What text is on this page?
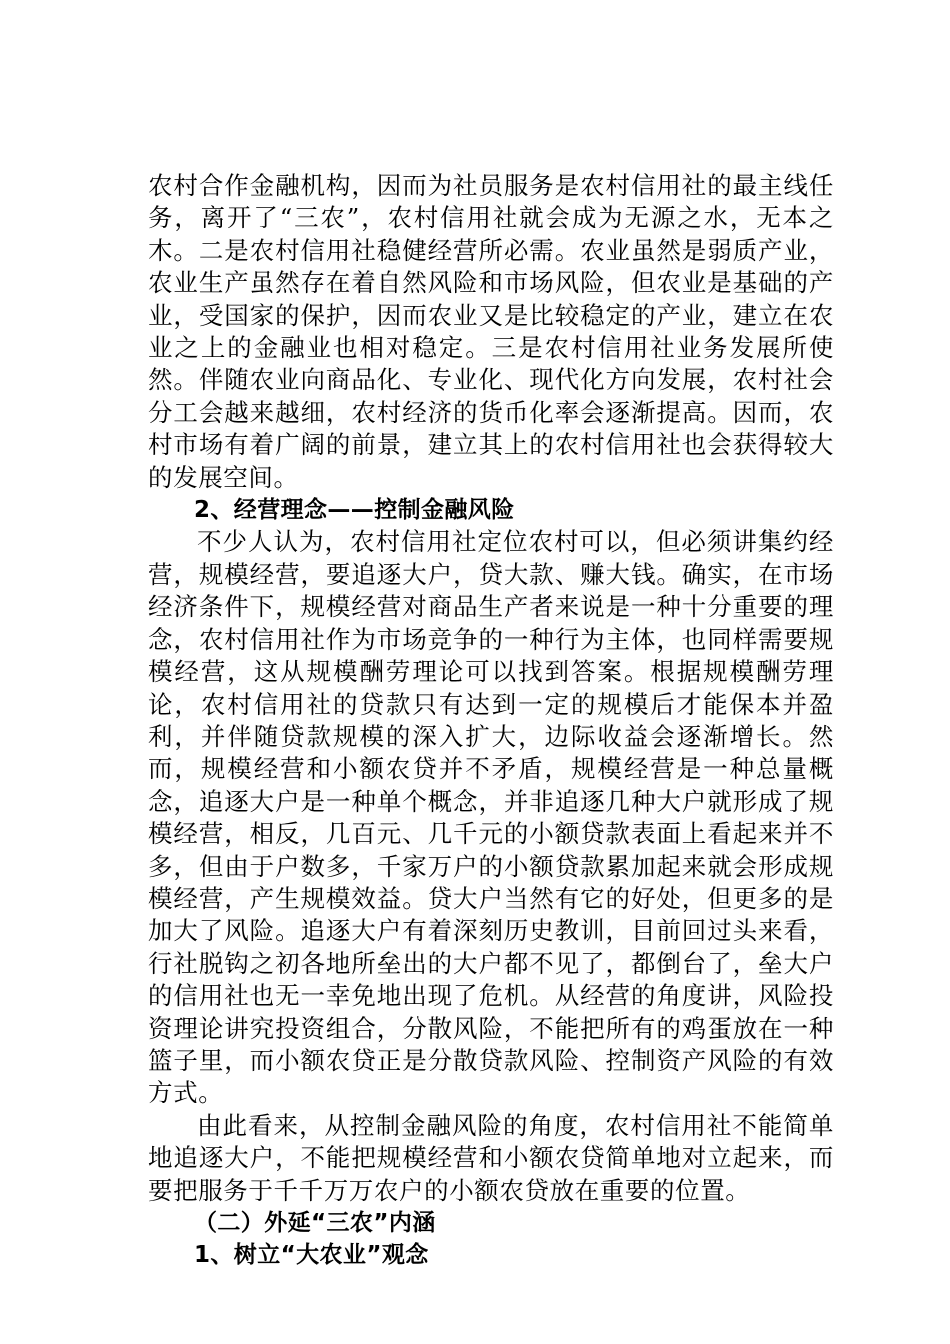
农村合作金融机构，因而为社员服务是农村信用社的最主线任务，离开了“三农”，农村信用社就会成为无源之水，无本之木。二是农村信用社稳健经营所必需。农业虽然是弱质产业，农业生产虽然存在着自然风险和市场风险，但农业是基础的产业，受国家的保护，因而农业又是比较稳定的产业，建立在农业之上的金融业也相对稳定。三是农村信用社业务发展所使然。伴随农业向商品化、专业化、现代化方向发展，农村社会分工会越来越细，农村经济的货币化率会逐渐提高。因而，农村市场有着广阔的前景，建立其上的农村信用社也会获得较大的发展空间。

2、经营理念——控制金融风险

不少人认为，农村信用社定位农村可以，但必须讲集约经营，规模经营，要追逐大户，贷大款、赚大钱。确实，在市场经济条件下，规模经营对商品生产者来说是一种十分重要的理念，农村信用社作为市场竞争的一种行为主体，也同样需要规模经营，这从规模酬劳理论可以找到答案。根据规模酬劳理论，农村信用社的贷款只有达到一定的规模后才能保本并盈利，并伴随贷款规模的深入扩大，边际收益会逐渐增长。然而，规模经营和小额农贷并不矛盾，规模经营是一种总量概念，追逐大户是一种单个概念，并非追逐几种大户就形成了规模经营，相反，几百元、几千元的小额贷款表面上看起来并不多，但由于户数多，千家万户的小额贷款累加起来就会形成规模经营，产生规模效益。贷大户当然有它的好处，但更多的是加大了风险。追逐大户有着深刻历史教训，目前回过头来看，行社脱钩之初各地所垒出的大户都不见了，都倒台了，垒大户的信用社也无一幸免地出现了危机。从经营的角度讲，风险投资理论讲究投资组合，分散风险，不能把所有的鸡蛋放在一种篮子里，而小额农贷正是分散贷款风险、控制资产风险的有效方式。

由此看来，从控制金融风险的角度，农村信用社不能简单地追逐大户，不能把规模经营和小额农贷简单地对立起来，而要把服务于千千万万农户的小额农贷放在重要的位置。

（二）外延“三农”内涵

1、树立“大农业”观念
